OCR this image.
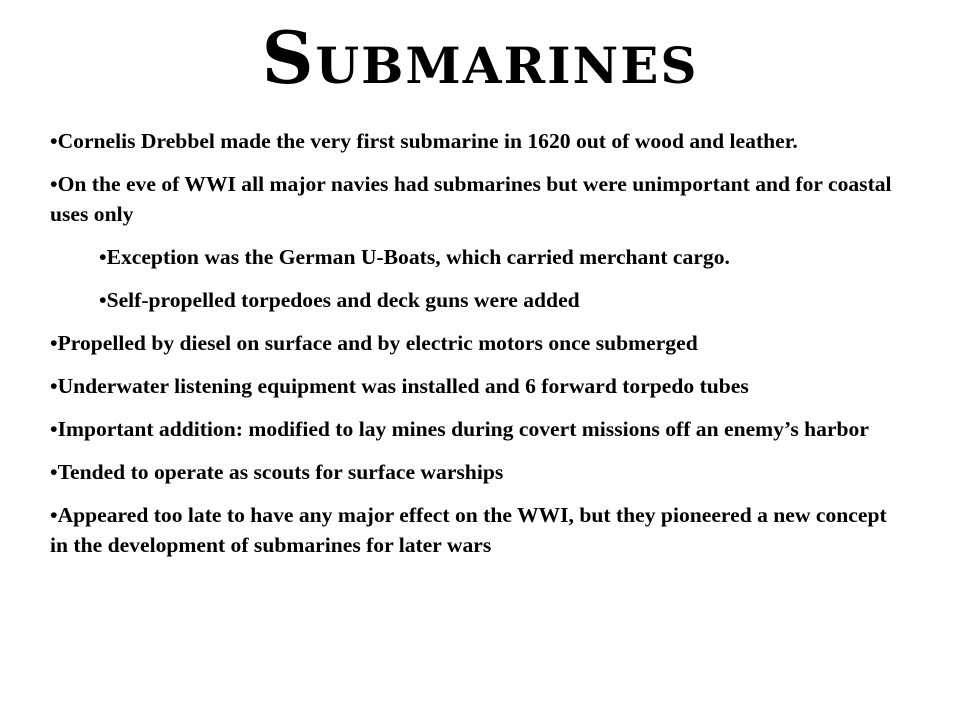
Submarines
•Cornelis Drebbel made the very first submarine in 1620 out of wood and leather.
•On the eve of WWI all major navies had submarines but were unimportant and for coastal uses only
•Exception was the German U-Boats, which carried merchant cargo.
•Self-propelled torpedoes and deck guns were added
•Propelled by diesel on surface and by electric motors once submerged
•Underwater listening equipment was installed and 6 forward torpedo tubes
•Important addition: modified to lay mines during covert missions off an enemy’s harbor
•Tended to operate as scouts for surface warships
•Appeared too late to have any major effect on the WWI, but they pioneered a new concept in the development of submarines for later wars
